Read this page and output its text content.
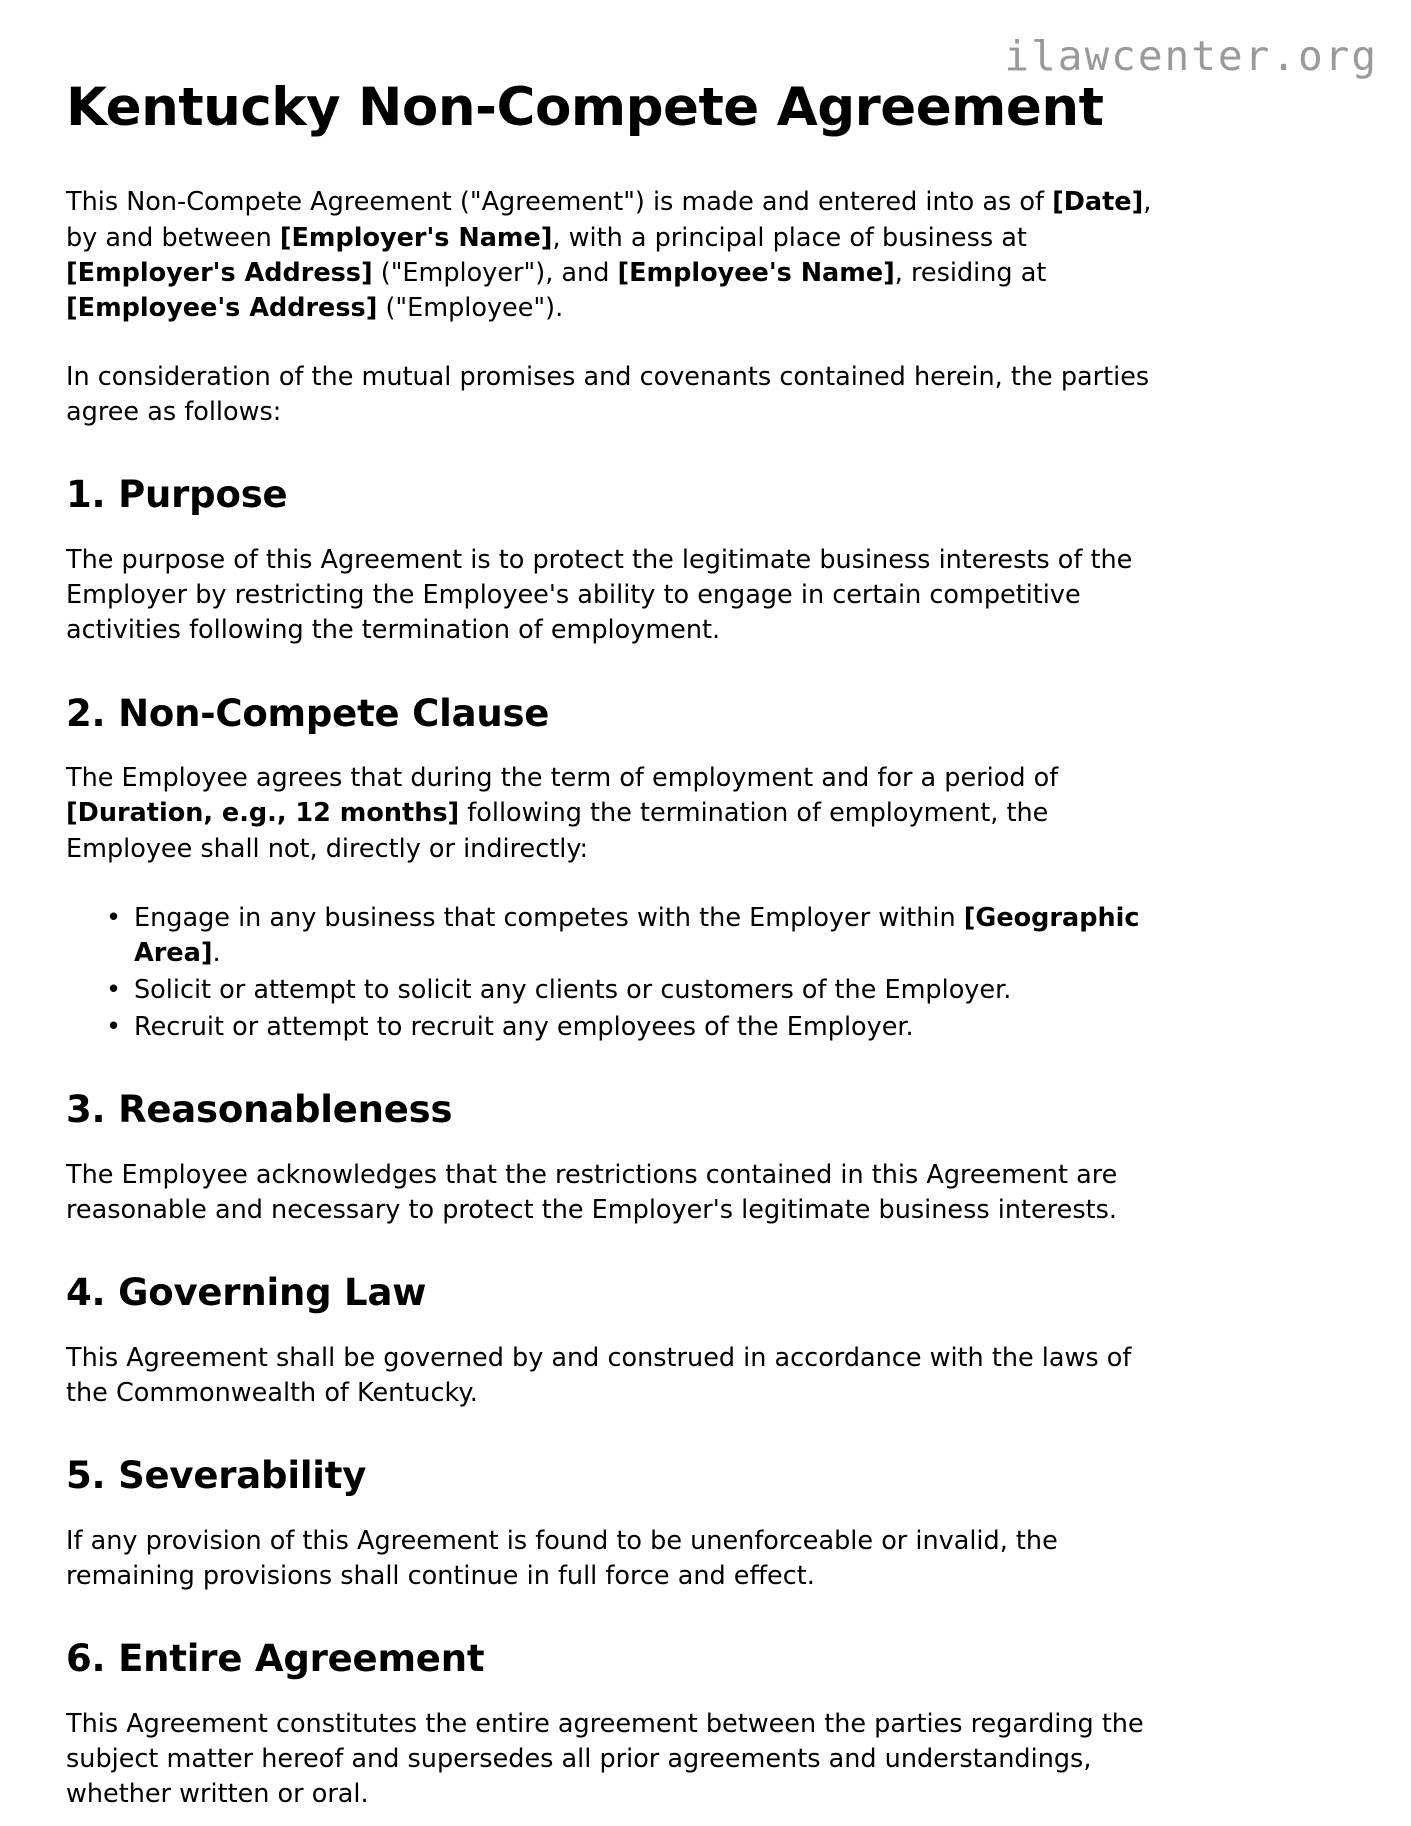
ilawcenter.org
Kentucky Non-Compete Agreement

This Non-Compete Agreement ("Agreement") is made and entered into as of [Date], by and between [Employer's Name], with a principal place of business at [Employer's Address] ("Employer"), and [Employee's Name], residing at [Employee's Address] ("Employee").

In consideration of the mutual promises and covenants contained herein, the parties agree as follows:

1. Purpose

The purpose of this Agreement is to protect the legitimate business interests of the Employer by restricting the Employee's ability to engage in certain competitive activities following the termination of employment.

2. Non-Compete Clause

The Employee agrees that during the term of employment and for a period of [Duration, e.g., 12 months] following the termination of employment, the Employee shall not, directly or indirectly:

• Engage in any business that competes with the Employer within [Geographic Area].
• Solicit or attempt to solicit any clients or customers of the Employer.
• Recruit or attempt to recruit any employees of the Employer.
3. Reasonableness

The Employee acknowledges that the restrictions contained in this Agreement are reasonable and necessary to protect the Employer's legitimate business interests.

4. Governing Law

This Agreement shall be governed by and construed in accordance with the laws of the Commonwealth of Kentucky.

5. Severability

If any provision of this Agreement is found to be unenforceable or invalid, the remaining provisions shall continue in full force and effect.

6. Entire Agreement

This Agreement constitutes the entire agreement between the parties regarding the subject matter hereof and supersedes all prior agreements and understandings, whether written or oral.
